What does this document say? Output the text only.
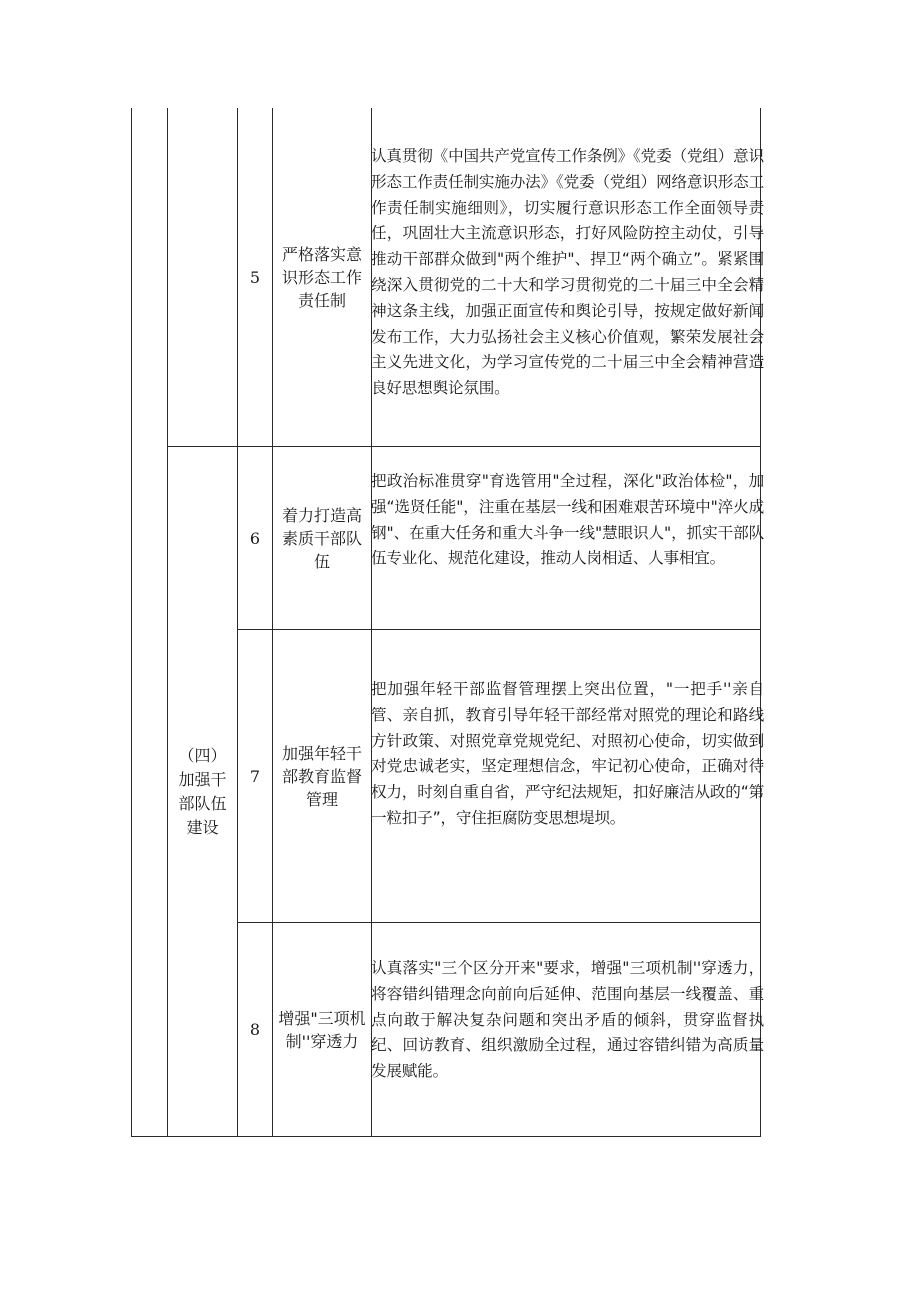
（四）加强干部队伍建设
5
严格落实意识形态工作责任制
认真贯彻《中国共产党宣传工作条例》《党委（党组）意识形态工作责任制实施办法》《党委（党组）网络意识形态工作责任制实施细则》，切实履行意识形态工作全面领导责任，巩固壮大主流意识形态，打好风险防控主动仗，引导推动干部群众做到"两个维护"、捍卫“两个确立”。紧紧围绕深入贯彻党的二十大和学习贯彻党的二十届三中全会精神这条主线，加强正面宣传和舆论引导，按规定做好新闻发布工作，大力弘扬社会主义核心价值观，繁荣发展社会主义先进文化，为学习宣传党的二十届三中全会精神营造良好思想舆论氛围。
6
着力打造高素质干部队伍
把政治标准贯穿"育选管用"全过程，深化"政治体检"，加强“选贤任能"，注重在基层一线和困难艰苦环境中"淬火成钢"、在重大任务和重大斗争一线"慧眼识人"，抓实干部队伍专业化、规范化建设，推动人岗相适、人事相宜。
7
加强年轻干部教育监督管理
把加强年轻干部监督管理摆上突出位置，"一把手''亲自管、亲自抓，教育引导年轻干部经常对照党的理论和路线方针政策、对照党章党规党纪、对照初心使命，切实做到对党忠诚老实，坚定理想信念，牢记初心使命，正确对待权力，时刻自重自省，严守纪法规矩，扣好廉洁从政的“第一粒扣子”，守住拒腐防变思想堤坝。
8
增强"三项机制''穿透力
认真落实"三个区分开来"要求，增强"三项机制''穿透力，将容错纠错理念向前向后延伸、范围向基层一线覆盖、重点向敢于解决复杂问题和突出矛盾的倾斜，贯穿监督执纪、回访教育、组织激励全过程，通过容错纠错为高质量发展赋能。
